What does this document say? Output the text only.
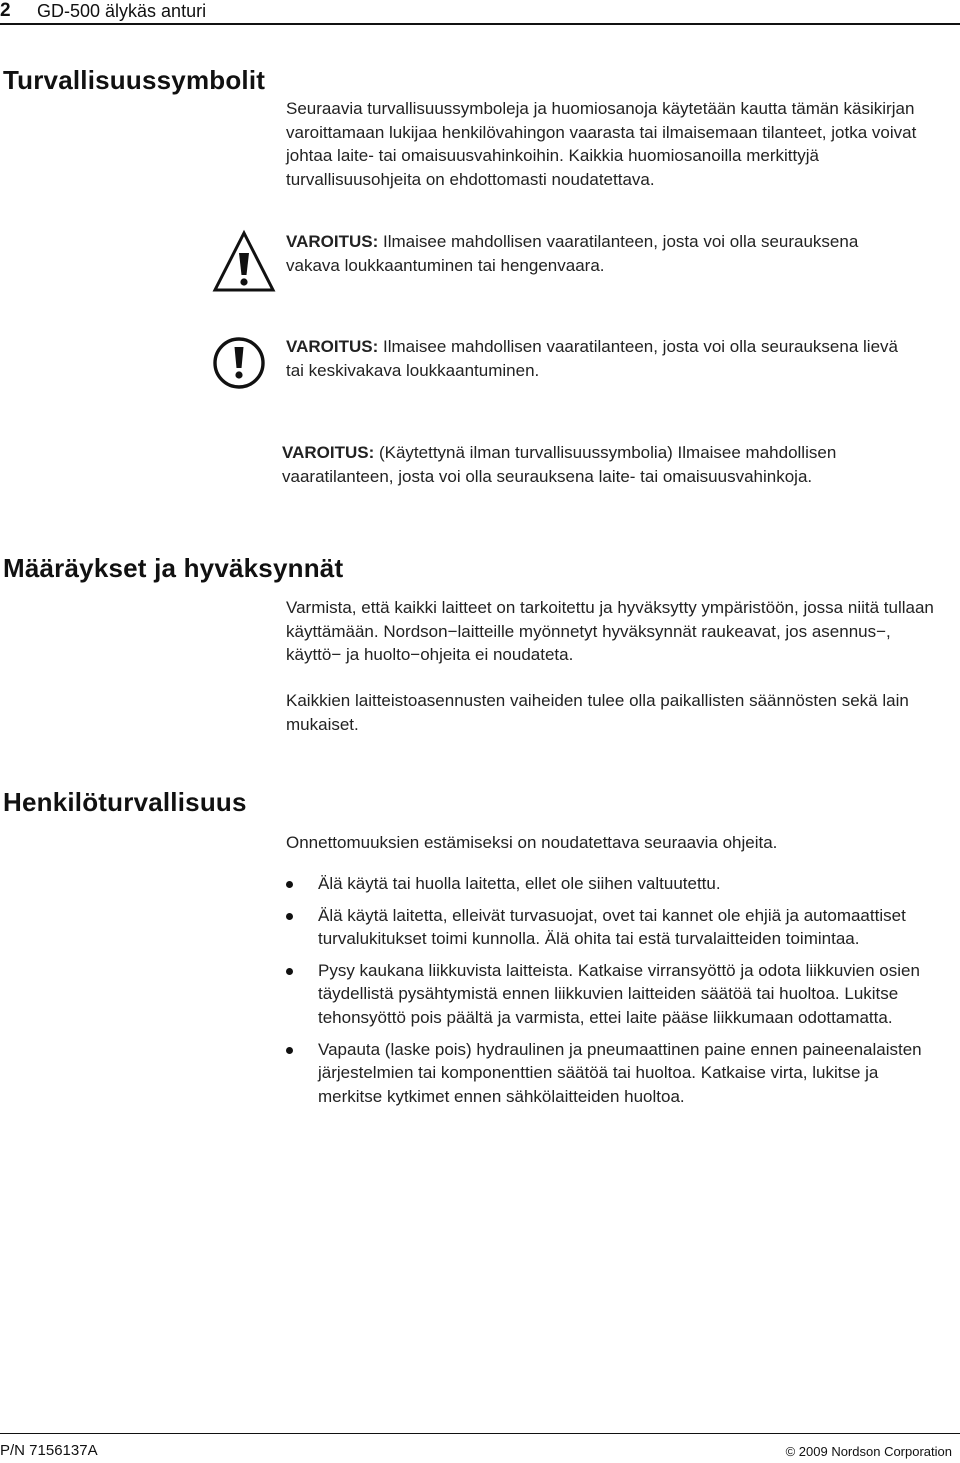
2 GD-500 älykäs anturi
Turvallisuussymbolit
Seuraavia turvallisuussymboleja ja huomiosanoja käytetään kautta tämän käsikirjan varoittamaan lukijaa henkilövahingon vaarasta tai ilmaisemaan tilanteet, jotka voivat johtaa laite- tai omaisuusvahinkoihin. Kaikkia huomiosanoilla merkittyjä turvallisuusohjeita on ehdottomasti noudatettava.
VAROITUS: Ilmaisee mahdollisen vaaratilanteen, josta voi olla seurauksena vakava loukkaantuminen tai hengenvaara.
VAROITUS: Ilmaisee mahdollisen vaaratilanteen, josta voi olla seurauksena lievä tai keskivakava loukkaantuminen.
VAROITUS: (Käytettynä ilman turvallisuussymbolia) Ilmaisee mahdollisen vaaratilanteen, josta voi olla seurauksena laite- tai omaisuusvahinkoja.
Määräykset ja hyväksynnät
Varmista, että kaikki laitteet on tarkoitettu ja hyväksytty ympäristöön, jossa niitä tullaan käyttämään. Nordson−laitteille myönnetyt hyväksynnät raukeavat, jos asennus−, käyttö− ja huolto−ohjeita ei noudateta.
Kaikkien laitteistoasennusten vaiheiden tulee olla paikallisten säännösten sekä lain mukaiset.
Henkilöturvallisuus
Onnettomuuksien estämiseksi on noudatettava seuraavia ohjeita.
Älä käytä tai huolla laitetta, ellet ole siihen valtuutettu.
Älä käytä laitetta, elleivät turvasuojat, ovet tai kannet ole ehjiä ja automaattiset turvalukitukset toimi kunnolla. Älä ohita tai estä turvalaitteiden toimintaa.
Pysy kaukana liikkuvista laitteista. Katkaise virransyöttö ja odota liikkuvien osien täydellistä pysähtymistä ennen liikkuvien laitteiden säätöä tai huoltoa. Lukitse tehonsyöttö pois päältä ja varmista, ettei laite pääse liikkumaan odottamatta.
Vapauta (laske pois) hydraulinen ja pneumaattinen paine ennen paineenalaisten järjestelmien tai komponenttien säätöä tai huoltoa. Katkaise virta, lukitse ja merkitse kytkimet ennen sähkölaitteiden huoltoa.
P/N 7156137A	© 2009 Nordson Corporation
